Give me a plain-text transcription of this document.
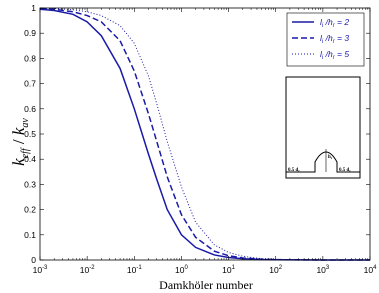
$10^{-3}$	$10^{-2}$	$10^{-1}$	$10^0$	$10^1$	$10^2$	$10^3$	$10^4$
0
0.1
0.2
0.3
0.4
0.5
0.6
0.7
0.8
0.9
1
Damkhöler number
$k_{eff} / k_{av}$
$l_i$ $/h_r = 2$
$l_i$ $/h_r = 3$
$l_i$ $/h_r = 5$
0.5 $d_r$	0.5 $d_r$
$h_r$
